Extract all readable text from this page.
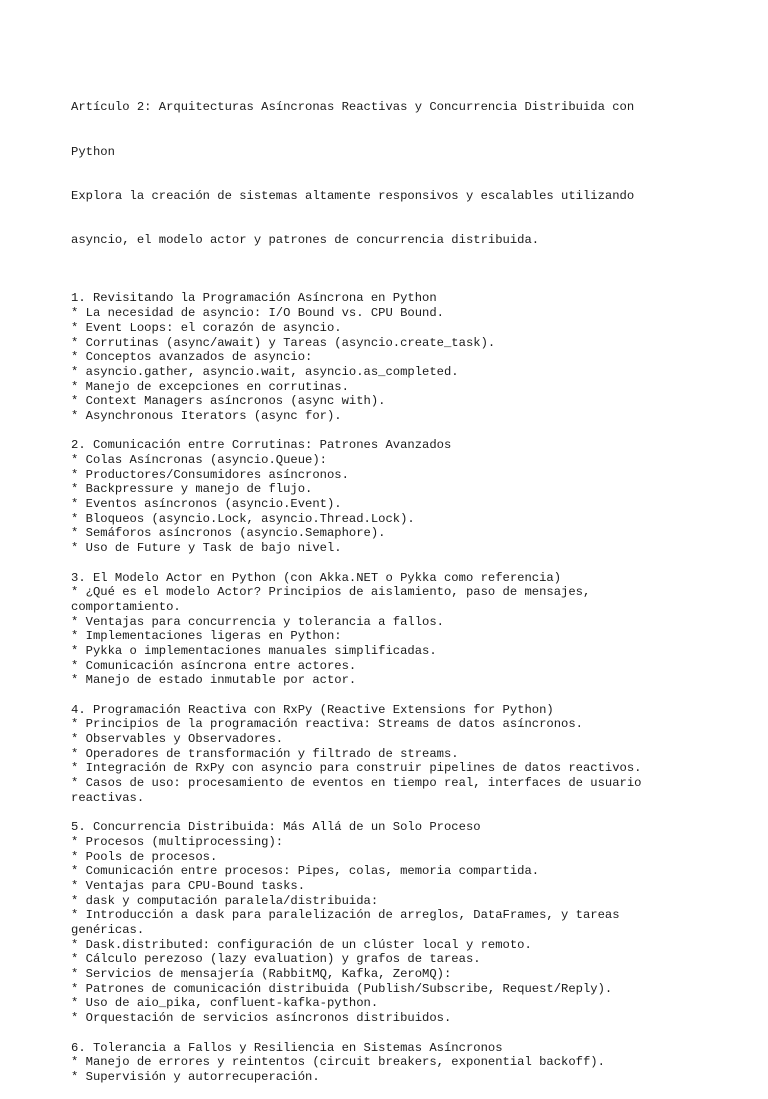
Artículo 2: Arquitecturas Asíncronas Reactivas y Concurrencia Distribuida con

Python

Explora la creación de sistemas altamente responsivos y escalables utilizando

asyncio, el modelo actor y patrones de concurrencia distribuida.

1. Revisitando la Programación Asíncrona en Python
* La necesidad de asyncio: I/O Bound vs. CPU Bound.
* Event Loops: el corazón de asyncio.
* Corrutinas (async/await) y Tareas (asyncio.create_task).
* Conceptos avanzados de asyncio:
* asyncio.gather, asyncio.wait, asyncio.as_completed.
* Manejo de excepciones en corrutinas.
* Context Managers asíncronos (async with).
* Asynchronous Iterators (async for).
2. Comunicación entre Corrutinas: Patrones Avanzados
* Colas Asíncronas (asyncio.Queue):
* Productores/Consumidores asíncronos.
* Backpressure y manejo de flujo.
* Eventos asíncronos (asyncio.Event).
* Bloqueos (asyncio.Lock, asyncio.Thread.Lock).
* Semáforos asíncronos (asyncio.Semaphore).
* Uso de Future y Task de bajo nivel.
3. El Modelo Actor en Python (con Akka.NET o Pykka como referencia)
* ¿Qué es el modelo Actor? Principios de aislamiento, paso de mensajes,
comportamiento.
* Ventajas para concurrencia y tolerancia a fallos.
* Implementaciones ligeras en Python:
* Pykka o implementaciones manuales simplificadas.
* Comunicación asíncrona entre actores.
* Manejo de estado inmutable por actor.
4. Programación Reactiva con RxPy (Reactive Extensions for Python)
* Principios de la programación reactiva: Streams de datos asíncronos.
* Observables y Observadores.
* Operadores de transformación y filtrado de streams.
* Integración de RxPy con asyncio para construir pipelines de datos reactivos.
* Casos de uso: procesamiento de eventos en tiempo real, interfaces de usuario
reactivas.
5. Concurrencia Distribuida: Más Allá de un Solo Proceso
* Procesos (multiprocessing):
* Pools de procesos.
* Comunicación entre procesos: Pipes, colas, memoria compartida.
* Ventajas para CPU-Bound tasks.
* dask y computación paralela/distribuida:
* Introducción a dask para paralelización de arreglos, DataFrames, y tareas
genéricas.
* Dask.distributed: configuración de un clúster local y remoto.
* Cálculo perezoso (lazy evaluation) y grafos de tareas.
* Servicios de mensajería (RabbitMQ, Kafka, ZeroMQ):
* Patrones de comunicación distribuida (Publish/Subscribe, Request/Reply).
* Uso de aio_pika, confluent-kafka-python.
* Orquestación de servicios asíncronos distribuidos.
6. Tolerancia a Fallos y Resiliencia en Sistemas Asíncronos
* Manejo de errores y reintentos (circuit breakers, exponential backoff).
* Supervisión y autorrecuperación.
